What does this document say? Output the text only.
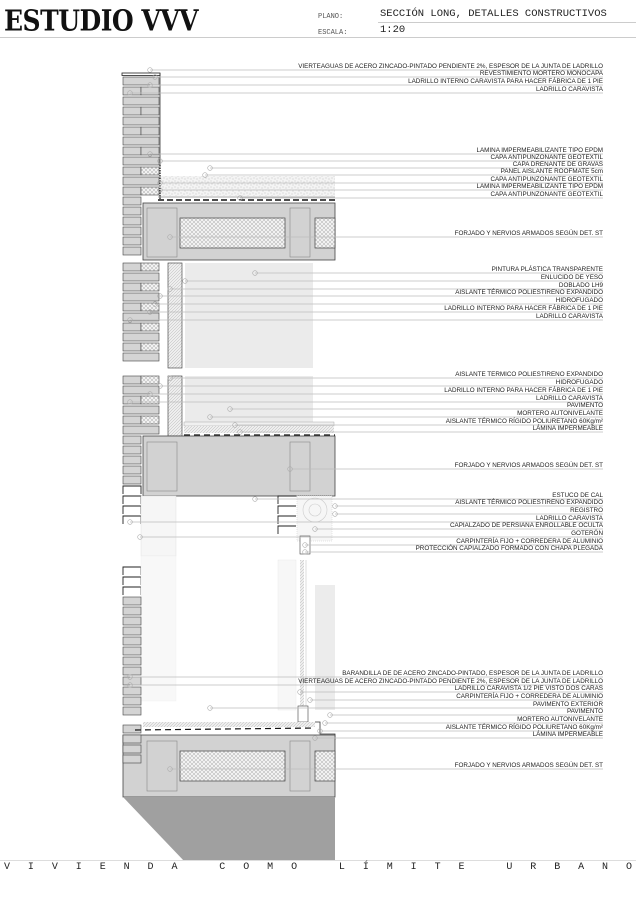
ESTUDIO VVV	PLANO:	SECCIÓN LONG, DETALLES CONSTRUCTIVOS
ESCALA:	1:20
VIERTEAGUAS DE ACERO ZINCADO-PINTADO PENDIENTE 2%, ESPESOR DE LA JUNTA DE LADRILLO
REVESTIMIENTO MORTERO MONOCAPA
LADRILLO INTERNO CARAVISTA PARA HACER FÁBRICA DE 1 PIE
LADRILLO CARAVISTA
LAMINA IMPERMEABILIZANTE TIPO EPDM
CAPA ANTIPUNZONANTE GEOTEXTIL
CAPA DRENANTE DE GRAVAS
PANEL AISLANTE ROOFMATE 5cm
CAPA ANTIPUNZONANTE GEOTEXTIL
LAMINA IMPERMEABILIZANTE TIPO EPDM
CAPA ANTIPUNZONANTE GEOTEXTIL
FORJADO Y NERVIOS ARMADOS SEGÚN DET. ST
PINTURA PLÁSTICA TRANSPARENTE
ENLUCIDO DE YESO
DOBLADO LH9
AISLANTE TÉRMICO POLIESTIRENO EXPANDIDO
HIDROFUGADO
LADRILLO INTERNO PARA HACER FÁBRICA DE 1 PIE
LADRILLO CARAVISTA
AISLANTE TERMICO POLIESTIRENO EXPANDIDO
HIDROFUGADO
LADRILLO INTERNO PARA HACER FÁBRICA DE 1 PIE
LADRILLO CARAVISTA
PAVIMENTO
MORTERO AUTONIVELANTE
AISLANTE TÉRMICO RÍGIDO POLIURETANO 60Kg/m²
LÁMINA IMPERMEABLE
FORJADO Y NERVIOS ARMADOS SEGÚN DET. ST
ESTUCO DE CAL
AISLANTE TÉRMICO POLIESTIRENO EXPANDIDO
REGISTRO
LADRILLO CARAVISTA
CAPIALZADO DE PERSIANA ENROLLABLE OCULTA
GOTERÓN
CARPINTERÍA FIJO + CORREDERA DE ALUMINIO
PROTECCIÓN CAPIALZADO FORMADO CON CHAPA PLEGADA
BARANDILLA DE DE ACERO ZINCADO-PINTADO, ESPESOR DE LA JUNTA DE LADRILLO
VIERTEAGUAS DE ACERO ZINCADO-PINTADO PENDIENTE 2%, ESPESOR DE LA JUNTA DE LADRILLO
LADRILLO CARAVISTA 1/2 PIE VISTO DOS CARAS
CARPINTERÍA FIJO + CORREDERA DE ALUMINIO
PAVIMENTO EXTERIOR
PAVIMENTO
MORTERO AUTONIVELANTE
AISLANTE TÉRMICO RÍGIDO POLIURETANO 60Kg/m²
LÁMINA IMPERMEABLE
FORJADO Y NERVIOS ARMADOS SEGÚN DET. ST
V I V I E N D A
	C O M O
	L Í M I T E
	U R B A N O
